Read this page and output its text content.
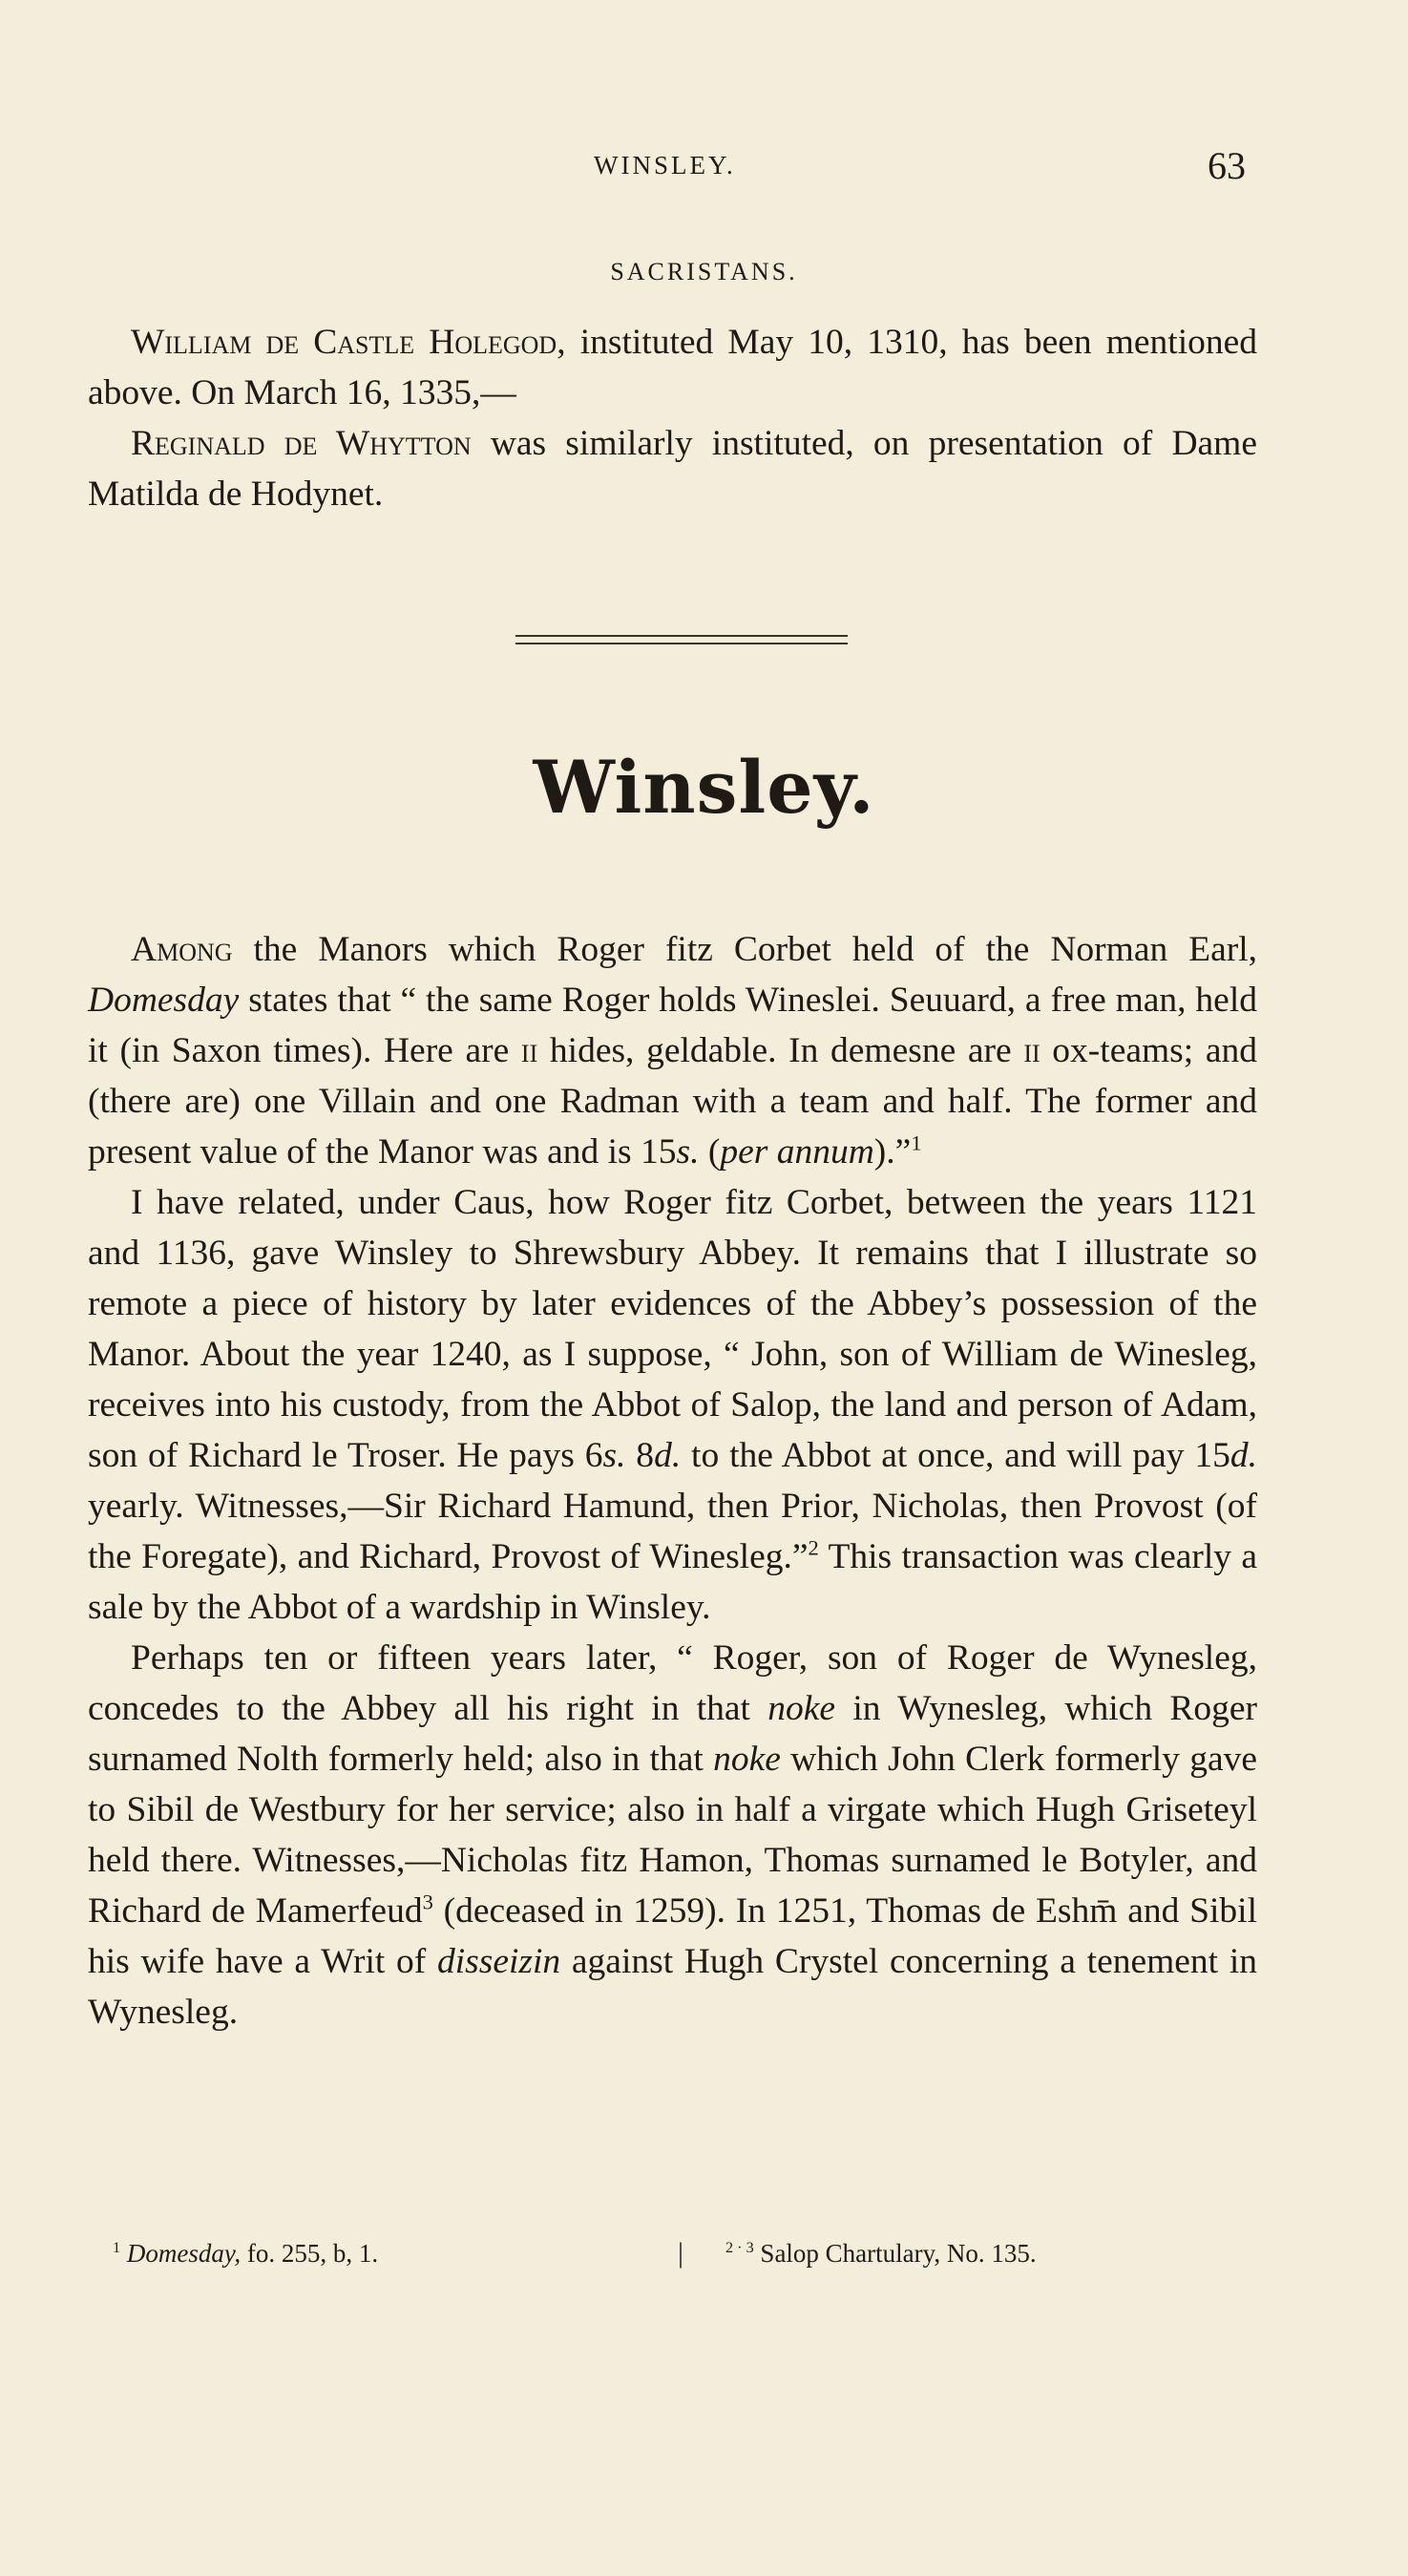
WINSLEY.	63
SACRISTANS.

William de Castle Holegod, instituted May 10, 1310, has been mentioned above. On March 16, 1335,—

Reginald de Whytton was similarly instituted, on presentation of Dame Matilda de Hodynet.

Winsley.

Among the Manors which Roger fitz Corbet held of the Norman Earl, Domesday states that “ the same Roger holds Wineslei. Seuuard, a free man, held it (in Saxon times). Here are ii hides, geldable. In demesne are ii ox-teams; and (there are) one Villain and one Radman with a team and half. The former and present value of the Manor was and is 15s. (per annum).”$^1$

I have related, under Caus, how Roger fitz Corbet, between the years 1121 and 1136, gave Winsley to Shrewsbury Abbey. It remains that I illustrate so remote a piece of history by later evidences of the Abbey’s possession of the Manor. About the year 1240, as I suppose, “ John, son of William de Winesleg, receives into his custody, from the Abbot of Salop, the land and person of Adam, son of Richard le Troser. He pays 6s. 8d. to the Abbot at once, and will pay 15d. yearly. Witnesses,—Sir Richard Hamund, then Prior, Nicholas, then Provost (of the Foregate), and Richard, Provost of Winesleg.”$^2$ This transaction was clearly a sale by the Abbot of a wardship in Winsley.

Perhaps ten or fifteen years later, “ Roger, son of Roger de Wynesleg, concedes to the Abbey all his right in that noke in Wynesleg, which Roger surnamed Nolth formerly held; also in that noke which John Clerk formerly gave to Sibil de Westbury for her service; also in half a virgate which Hugh Griseteyl held there. Witnesses,—Nicholas fitz Hamon, Thomas surnamed le Botyler, and Richard de Mamerfeud$^3$ (deceased in 1259). In 1251, Thomas de Eshm̄ and Sibil his wife have a Writ of disseizin against Hugh Crystel concerning a tenement in Wynesleg.

$^1$ Domesday, fo. 255, b, 1.	|	$^{2 \cdot 3}$ Salop Chartulary, No. 135.
